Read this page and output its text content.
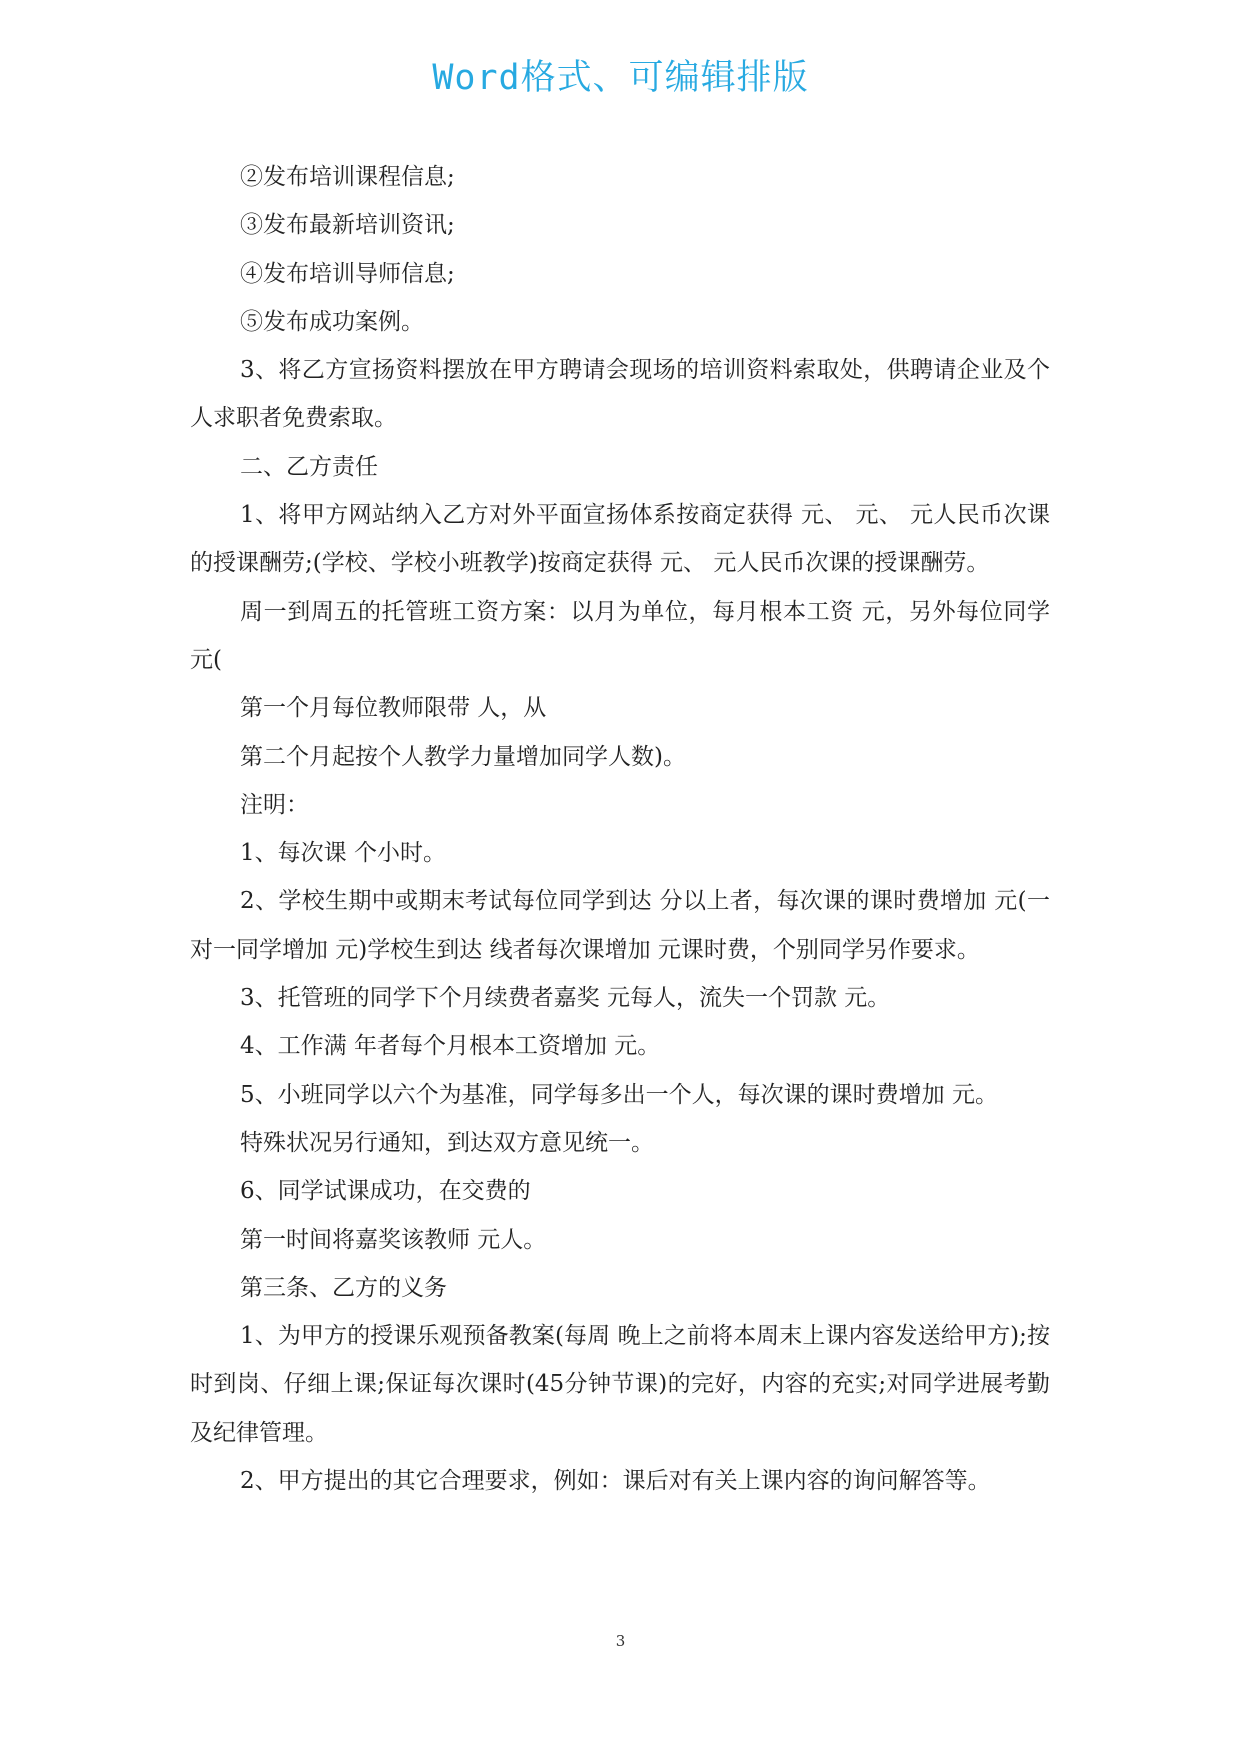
Word格式、可编辑排版

②发布培训课程信息;

③发布最新培训资讯;

④发布培训导师信息;

⑤发布成功案例。

3、将乙方宣扬资料摆放在甲方聘请会现场的培训资料索取处，供聘请企业及个人求职者免费索取。

二、乙方责任

1、将甲方网站纳入乙方对外平面宣扬体系按商定获得 元、 元、 元人民币次课的授课酬劳;(学校、学校小班教学)按商定获得 元、 元人民币次课的授课酬劳。

周一到周五的托管班工资方案：以月为单位，每月根本工资 元，另外每位同学 元(

第一个月每位教师限带 人，从

第二个月起按个人教学力量增加同学人数)。

注明：

1、每次课 个小时。

2、学校生期中或期末考试每位同学到达 分以上者，每次课的课时费增加 元(一对一同学增加 元)学校生到达 线者每次课增加 元课时费，个别同学另作要求。

3、托管班的同学下个月续费者嘉奖 元每人，流失一个罚款 元。

4、工作满 年者每个月根本工资增加 元。

5、小班同学以六个为基准，同学每多出一个人，每次课的课时费增加 元。

特殊状况另行通知，到达双方意见统一。

6、同学试课成功，在交费的

第一时间将嘉奖该教师 元人。

第三条、乙方的义务

1、为甲方的授课乐观预备教案(每周 晚上之前将本周末上课内容发送给甲方);按时到岗、仔细上课;保证每次课时(45分钟节课)的完好，内容的充实;对同学进展考勤及纪律管理。

2、甲方提出的其它合理要求，例如：课后对有关上课内容的询问解答等。

3
